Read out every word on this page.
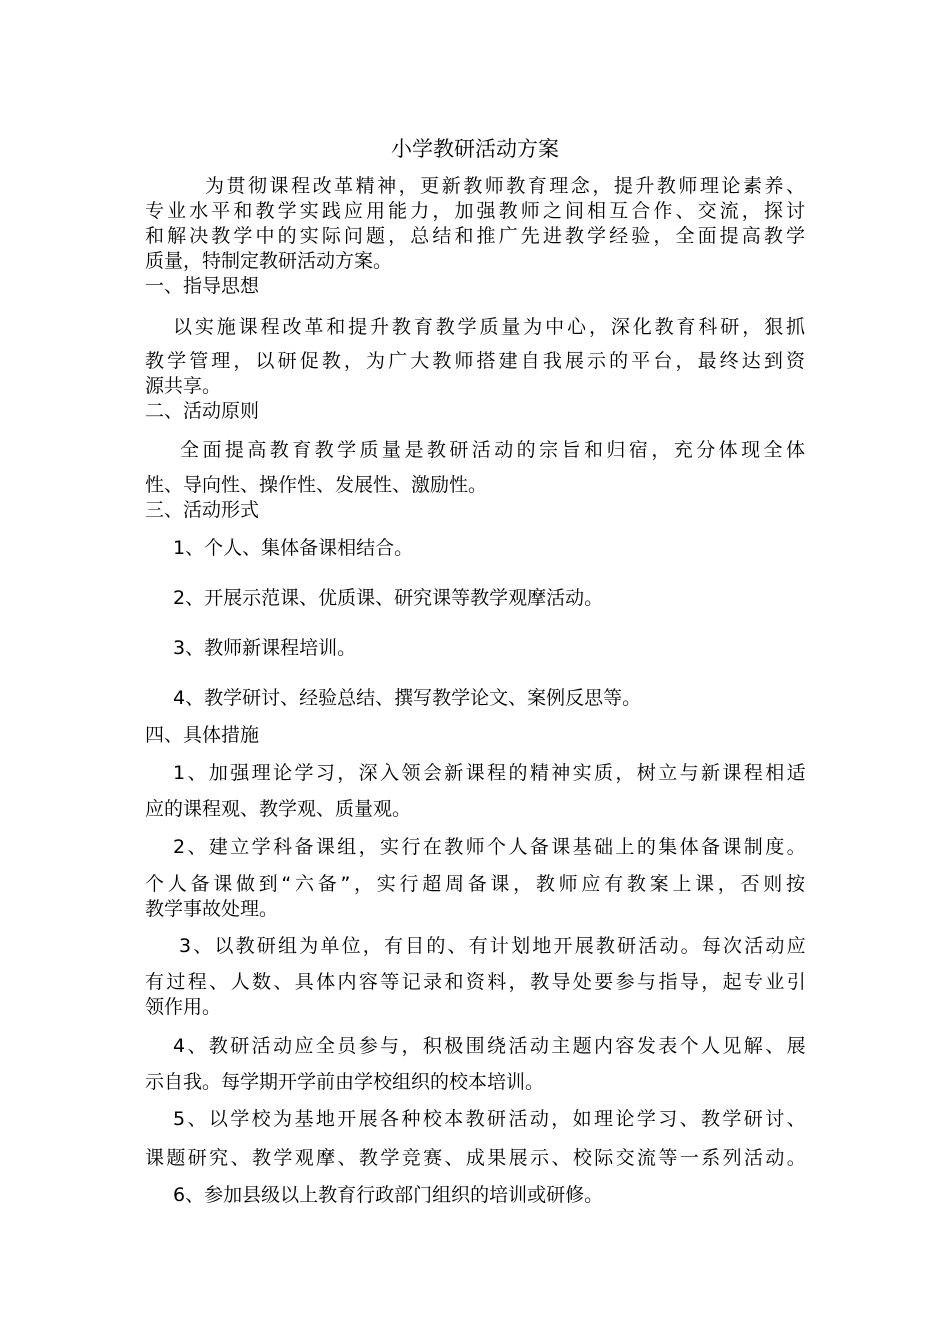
小学教研活动方案
为贯彻课程改革精神，更新教师教育理念，提升教师理论素养、
专业水平和教学实践应用能力，加强教师之间相互合作、交流，探讨
和解决教学中的实际问题，总结和推广先进教学经验，全面提高教学
质量，特制定教研活动方案。
一、指导思想
以实施课程改革和提升教育教学质量为中心，深化教育科研，狠抓
教学管理，以研促教，为广大教师搭建自我展示的平台，最终达到资
源共享。
二、活动原则
全面提高教育教学质量是教研活动的宗旨和归宿，充分体现全体
性、导向性、操作性、发展性、激励性。
三、活动形式
1、个人、集体备课相结合。
2、开展示范课、优质课、研究课等教学观摩活动。
3、教师新课程培训。
4、教学研讨、经验总结、撰写教学论文、案例反思等。
四、具体措施
1、加强理论学习，深入领会新课程的精神实质，树立与新课程相适
应的课程观、教学观、质量观。
2、建立学科备课组，实行在教师个人备课基础上的集体备课制度。
个人备课做到“六备”，实行超周备课，教师应有教案上课，否则按
教学事故处理。
3、以教研组为单位，有目的、有计划地开展教研活动。每次活动应
有过程、人数、具体内容等记录和资料，教导处要参与指导，起专业引
领作用。
4、教研活动应全员参与，积极围绕活动主题内容发表个人见解、展
示自我。每学期开学前由学校组织的校本培训。
5、以学校为基地开展各种校本教研活动，如理论学习、教学研讨、
课题研究、教学观摩、教学竞赛、成果展示、校际交流等一系列活动。
6、参加县级以上教育行政部门组织的培训或研修。
